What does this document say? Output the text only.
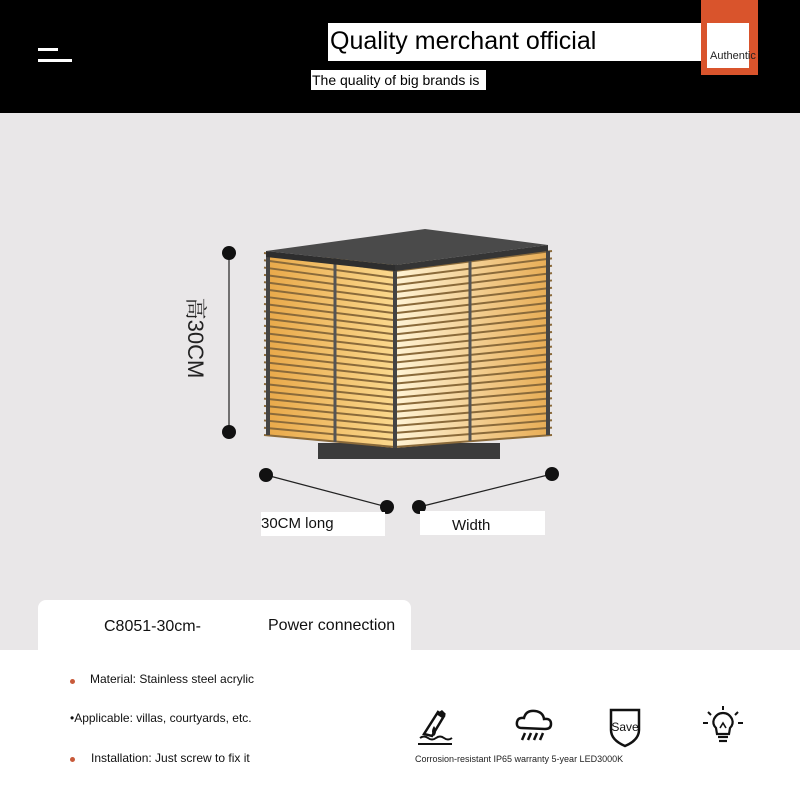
Quality merchant official
Authentic
The quality of big brands is
高30CM
30CM long	Width
C8051-30cm-	Power connection
Material: Stainless steel acrylic
•Applicable: villas, courtyards, etc.
Installation: Just screw to fix it
Save
Corrosion-resistant IP65 warranty 5-year LED3000K
